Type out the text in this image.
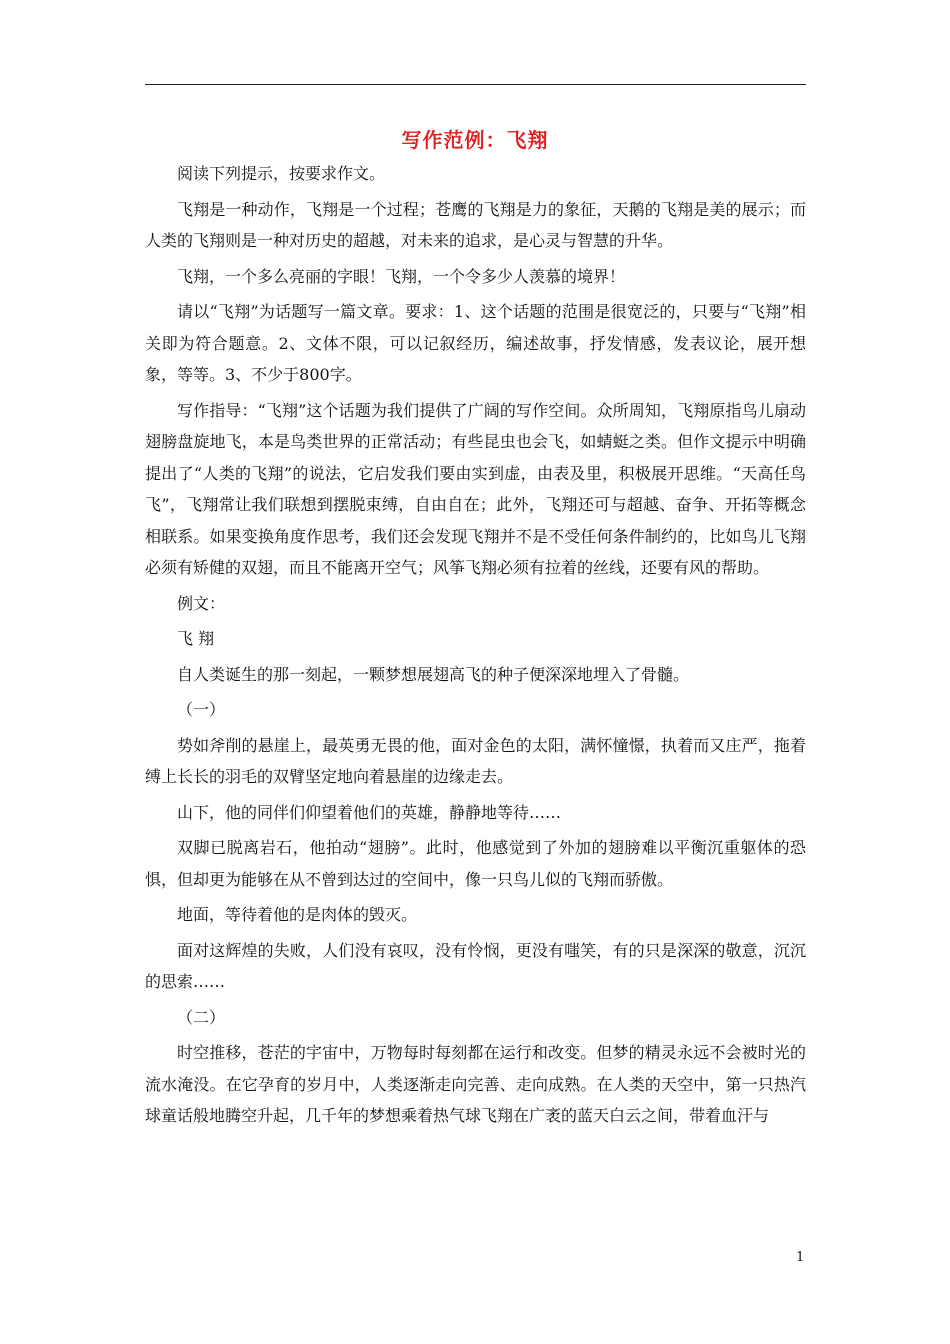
写作范例：飞翔

阅读下列提示，按要求作文。

飞翔是一种动作，飞翔是一个过程；苍鹰的飞翔是力的象征，天鹅的飞翔是美的展示；而人类的飞翔则是一种对历史的超越，对未来的追求，是心灵与智慧的升华。

飞翔，一个多么亮丽的字眼！飞翔，一个令多少人羡慕的境界！

请以“飞翔”为话题写一篇文章。要求：1、这个话题的范围是很宽泛的，只要与“飞翔”相关即为符合题意。2、文体不限，可以记叙经历，编述故事，抒发情感，发表议论，展开想象，等等。3、不少于800字。

写作指导：“飞翔”这个话题为我们提供了广阔的写作空间。众所周知，飞翔原指鸟儿扇动翅膀盘旋地飞，本是鸟类世界的正常活动；有些昆虫也会飞，如蜻蜓之类。但作文提示中明确提出了“人类的飞翔”的说法，它启发我们要由实到虚，由表及里，积极展开思维。“天高任鸟飞”，飞翔常让我们联想到摆脱束缚，自由自在；此外，飞翔还可与超越、奋争、开拓等概念相联系。如果变换角度作思考，我们还会发现飞翔并不是不受任何条件制约的，比如鸟儿飞翔必须有矫健的双翅，而且不能离开空气；风筝飞翔必须有拉着的丝线，还要有风的帮助。

例文：

飞 翔

自人类诞生的那一刻起，一颗梦想展翅高飞的种子便深深地埋入了骨髓。

（一）

势如斧削的悬崖上，最英勇无畏的他，面对金色的太阳，满怀憧憬，执着而又庄严，拖着缚上长长的羽毛的双臂坚定地向着悬崖的边缘走去。

山下，他的同伴们仰望着他们的英雄，静静地等待……

双脚已脱离岩石，他拍动“翅膀”。此时，他感觉到了外加的翅膀难以平衡沉重躯体的恐惧，但却更为能够在从不曾到达过的空间中，像一只鸟儿似的飞翔而骄傲。

地面，等待着他的是肉体的毁灭。

面对这辉煌的失败，人们没有哀叹，没有怜悯，更没有嗤笑，有的只是深深的敬意，沉沉的思索……

（二）

时空推移，苍茫的宇宙中，万物每时每刻都在运行和改变。但梦的精灵永远不会被时光的流水淹没。在它孕育的岁月中，人类逐渐走向完善、走向成熟。在人类的天空中，第一只热汽球童话般地腾空升起，几千年的梦想乘着热气球飞翔在广袤的蓝天白云之间，带着血汗与

1
